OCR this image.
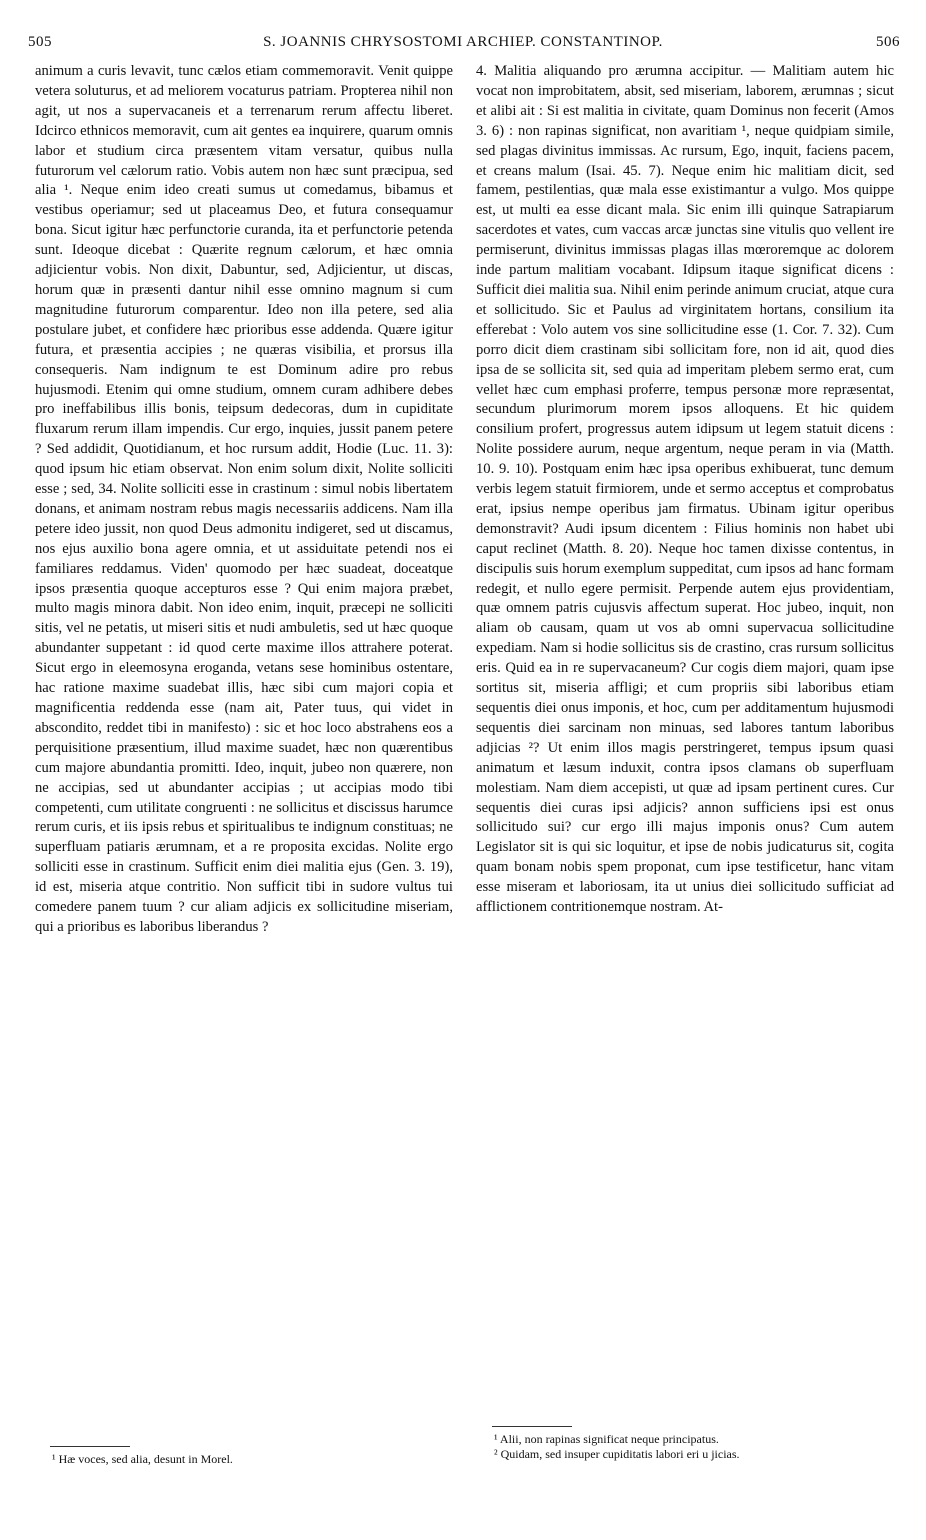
505	S. JOANNIS CHRYSOSTOMI ARCHIEP. CONSTANTINOP.	506

animum a curis levavit, tunc cælos etiam commemoravit. Venit quippe vetera soluturus, et ad meliorem vocaturus patriam. Propterea nihil non agit, ut nos a supervacaneis et a terrenarum rerum affectu liberet. Idcirco ethnicos memoravit, cum ait gentes ea inquirere, quarum omnis labor et studium circa præsentem vitam versatur, quibus nulla futurorum vel cælorum ratio. Vobis autem non hæc sunt præcipua, sed alia ¹. Neque enim ideo creati sumus ut comedamus, bibamus et vestibus operiamur; sed ut placeamus Deo, et futura consequamur bona. Sicut igitur hæc perfunctorie curanda, ita et perfunctorie petenda sunt. Ideoque dicebat : Quærite regnum cælorum, et hæc omnia adjicientur vobis. Non dixit, Dabuntur, sed, Adjicientur, ut discas, horum quæ in præsenti dantur nihil esse omnino magnum si cum magnitudine futurorum comparentur. Ideo non illa petere, sed alia postulare jubet, et confidere hæc prioribus esse addenda. Quære igitur futura, et præsentia accipies ; ne quæras visibilia, et prorsus illa consequeris. Nam indignum te est Dominum adire pro rebus hujusmodi. Etenim qui omne studium, omnem curam adhibere debes pro ineffabilibus illis bonis, teipsum dedecoras, dum in cupiditate fluxarum rerum illam impendis. Cur ergo, inquies, jussit panem petere ? Sed addidit, Quotidianum, et hoc rursum addit, Hodie (Luc. 11. 3): quod ipsum hic etiam observat. Non enim solum dixit, Nolite solliciti esse ; sed, 34. Nolite solliciti esse in crastinum : simul nobis libertatem donans, et animam nostram rebus magis necessariis addicens. Nam illa petere ideo jussit, non quod Deus admonitu indigeret, sed ut discamus, nos ejus auxilio bona agere omnia, et ut assiduitate petendi nos ei familiares reddamus. Viden' quomodo per hæc suadeat, doceatque ipsos præsentia quoque accepturos esse ? Qui enim majora præbet, multo magis minora dabit. Non ideo enim, inquit, præcepi ne solliciti sitis, vel ne petatis, ut miseri sitis et nudi ambuletis, sed ut hæc quoque abundanter suppetant : id quod certe maxime illos attrahere poterat. Sicut ergo in eleemosyna eroganda, vetans sese hominibus ostentare, hac ratione maxime suadebat illis, hæc sibi cum majori copia et magnificentia reddenda esse (nam ait, Pater tuus, qui videt in abscondito, reddet tibi in manifesto) : sic et hoc loco abstrahens eos a perquisitione præsentium, illud maxime suadet, hæc non quærentibus cum majore abundantia promitti. Ideo, inquit, jubeo non quærere, non ne accipias, sed ut abundanter accipias ; ut accipias modo tibi competenti, cum utilitate congruenti : ne sollicitus et discissus harumce rerum curis, et iis ipsis rebus et spiritualibus te indignum constituas; ne superfluam patiaris ærumnam, et a re proposita excidas. Nolite ergo solliciti esse in crastinum. Sufficit enim diei malitia ejus (Gen. 3. 19), id est, miseria atque contritio. Non sufficit tibi in sudore vultus tui comedere panem tuum ? cur aliam adjicis ex sollicitudine miseriam, qui a prioribus es laboribus liberandus ?

4. Malitia aliquando pro ærumna accipitur. — Malitiam autem hic vocat non improbitatem, absit, sed miseriam, laborem, ærumnas ; sicut et alibi ait : Si est malitia in civitate, quam Dominus non fecerit (Amos 3. 6) : non rapinas significat, non avaritiam ¹, neque quidpiam simile, sed plagas divinitus immissas. Ac rursum, Ego, inquit, faciens pacem, et creans malum (Isai. 45. 7). Neque enim hic malitiam dicit, sed famem, pestilentias, quæ mala esse existimantur a vulgo. Mos quippe est, ut multi ea esse dicant mala. Sic enim illi quinque Satrapiarum sacerdotes et vates, cum vaccas arcæ junctas sine vitulis quo vellent ire permiserunt, divinitus immissas plagas illas mœroremque ac dolorem inde partum malitiam vocabant. Idipsum itaque significat dicens : Sufficit diei malitia sua. Nihil enim perinde animum cruciat, atque cura et sollicitudo. Sic et Paulus ad virginitatem hortans, consilium ita efferebat : Volo autem vos sine sollicitudine esse (1. Cor. 7. 32). Cum porro dicit diem crastinam sibi sollicitam fore, non id ait, quod dies ipsa de se sollicita sit, sed quia ad imperitam plebem sermo erat, cum vellet hæc cum emphasi proferre, tempus personæ more repræsentat, secundum plurimorum morem ipsos alloquens. Et hic quidem consilium profert, progressus autem idipsum ut legem statuit dicens : Nolite possidere aurum, neque argentum, neque peram in via (Matth. 10. 9. 10). Postquam enim hæc ipsa operibus exhibuerat, tunc demum verbis legem statuit firmiorem, unde et sermo acceptus et comprobatus erat, ipsius nempe operibus jam firmatus. Ubinam igitur operibus demonstravit? Audi ipsum dicentem : Filius hominis non habet ubi caput reclinet (Matth. 8. 20). Neque hoc tamen dixisse contentus, in discipulis suis horum exemplum suppeditat, cum ipsos ad hanc formam redegit, et nullo egere permisit. Perpende autem ejus providentiam, quæ omnem patris cujusvis affectum superat. Hoc jubeo, inquit, non aliam ob causam, quam ut vos ab omni supervacua sollicitudine expediam. Nam si hodie sollicitus sis de crastino, cras rursum sollicitus eris. Quid ea in re supervacaneum? Cur cogis diem majori, quam ipse sortitus sit, miseria affligi; et cum propriis sibi laboribus etiam sequentis diei onus imponis, et hoc, cum per additamentum hujusmodi sequentis diei sarcinam non minuas, sed labores tantum laboribus adjicias ²? Ut enim illos magis perstringeret, tempus ipsum quasi animatum et læsum induxit, contra ipsos clamans ob superfluam molestiam. Nam diem accepisti, ut quæ ad ipsam pertinent cures. Cur sequentis diei curas ipsi adjicis? annon sufficiens ipsi est onus sollicitudo sui? cur ergo illi majus imponis onus? Cum autem Legislator sit is qui sic loquitur, et ipse de nobis judicaturus sit, cogita quam bonam nobis spem proponat, cum ipse testificetur, hanc vitam esse miseram et laboriosam, ita ut unius diei sollicitudo sufficiat ad afflictionem contritionemque nostram. At-

¹ Hæ voces, sed alia, desunt in Morel.
¹ Alii, non rapinas significat neque principatus.
² Quidam, sed insuper cupiditatis labori eri u jicias.
